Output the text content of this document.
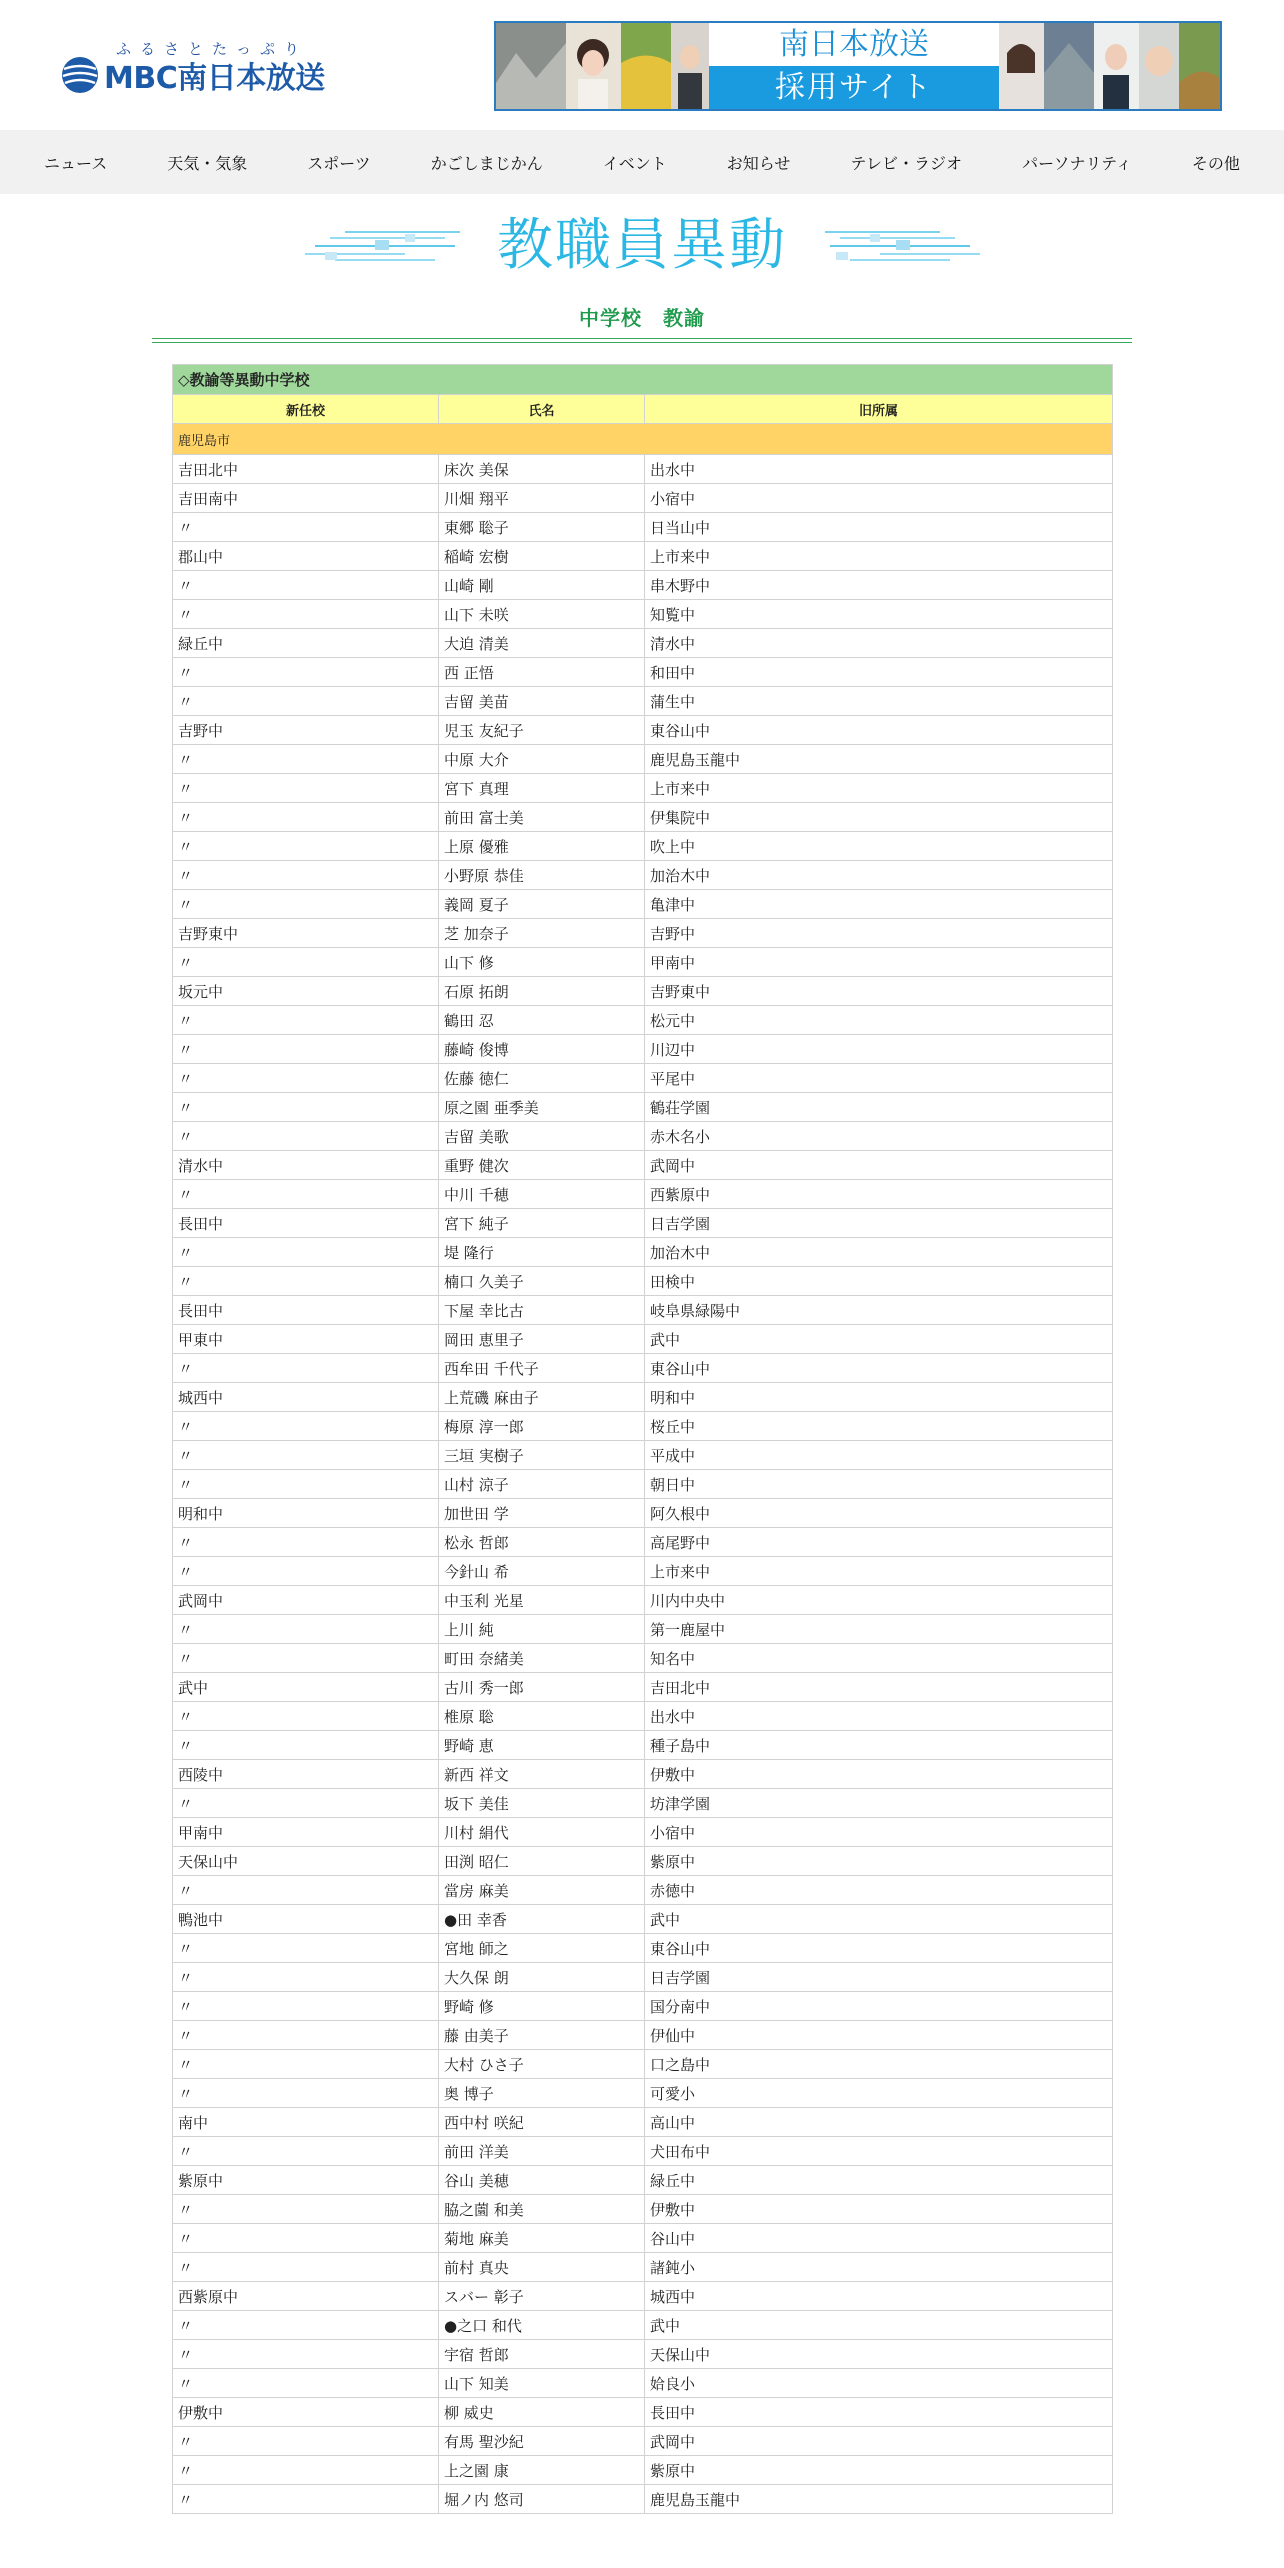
ふるさとたっぷり
MBC南日本放送
南日本放送
採用サイト
ニュース	天気・気象	スポーツ	かごしまじかん	イベント	お知らせ	テレビ・ラジオ	パーソナリティ	その他
教職員異動
中学校　教諭
◇教諭等異動中学校		
新任校	氏名	旧所属
鹿児島市		
吉田北中	床次 美保	出水中
吉田南中	川畑 翔平	小宿中
〃	東郷 聡子	日当山中
郡山中	稲崎 宏樹	上市来中
〃	山崎 剛	串木野中
〃	山下 未咲	知覧中
緑丘中	大迫 清美	清水中
〃	西 正悟	和田中
〃	吉留 美苗	蒲生中
吉野中	児玉 友紀子	東谷山中
〃	中原 大介	鹿児島玉龍中
〃	宮下 真理	上市来中
〃	前田 富士美	伊集院中
〃	上原 優雅	吹上中
〃	小野原 恭佳	加治木中
〃	義岡 夏子	亀津中
吉野東中	芝 加奈子	吉野中
〃	山下 修	甲南中
坂元中	石原 拓朗	吉野東中
〃	鶴田 忍	松元中
〃	藤崎 俊博	川辺中
〃	佐藤 徳仁	平尾中
〃	原之園 亜季美	鶴荘学園
〃	吉留 美歌	赤木名小
清水中	重野 健次	武岡中
〃	中川 千穂	西紫原中
長田中	宮下 純子	日吉学園
〃	堤 隆行	加治木中
〃	楠口 久美子	田検中
長田中	下屋 幸比古	岐阜県緑陽中
甲東中	岡田 恵里子	武中
〃	西牟田 千代子	東谷山中
城西中	上荒磯 麻由子	明和中
〃	梅原 淳一郎	桜丘中
〃	三垣 実樹子	平成中
〃	山村 涼子	朝日中
明和中	加世田 学	阿久根中
〃	松永 哲郎	高尾野中
〃	今針山 希	上市来中
武岡中	中玉利 光星	川内中央中
〃	上川 純	第一鹿屋中
〃	町田 奈緒美	知名中
武中	古川 秀一郎	吉田北中
〃	椎原 聡	出水中
〃	野崎 恵	種子島中
西陵中	新西 祥文	伊敷中
〃	坂下 美佳	坊津学園
甲南中	川村 絹代	小宿中
天保山中	田渕 昭仁	紫原中
〃	當房 麻美	赤徳中
鴨池中	●田 幸香	武中
〃	宮地 師之	東谷山中
〃	大久保 朗	日吉学園
〃	野崎 修	国分南中
〃	藤 由美子	伊仙中
〃	大村 ひさ子	口之島中
〃	奥 博子	可愛小
南中	西中村 咲紀	高山中
〃	前田 洋美	犬田布中
紫原中	谷山 美穂	緑丘中
〃	脇之薗 和美	伊敷中
〃	菊地 麻美	谷山中
〃	前村 真央	諸鈍小
西紫原中	スバー 彰子	城西中
〃	●之口 和代	武中
〃	宇宿 哲郎	天保山中
〃	山下 知美	姶良小
伊敷中	柳 威史	長田中
〃	有馬 聖沙紀	武岡中
〃	上之園 康	紫原中
〃	堀ノ内 悠司	鹿児島玉龍中
